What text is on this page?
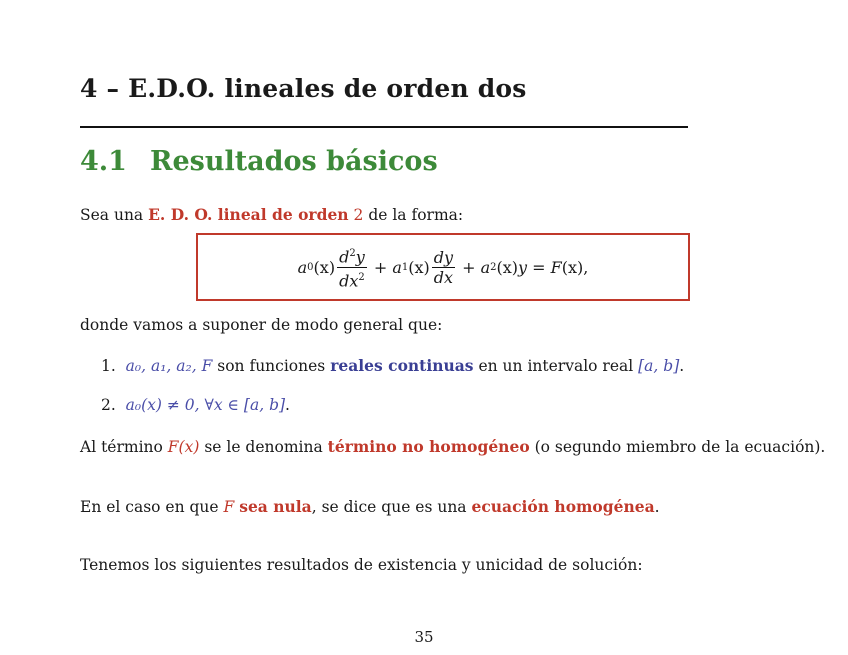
4 – E.D.O. lineales de orden dos
4.1 Resultados básicos
Sea una E. D. O. lineal de orden 2 de la forma:
a 0 $(x) \frac{d^2y}{dx^2} + a$ 1 $(x) \frac{dy}{dx} + a$ 2 (x) y = F (x),
donde vamos a suponer de modo general que:
1. a₀, a₁, a₂, F son funciones reales continuas en un intervalo real [a, b].
2. a₀(x) ≠ 0, ∀x ∈ [a, b].
Al término F(x) se le denomina término no homogéneo (o segundo miembro de la ecuación).
En el caso en que F sea nula, se dice que es una ecuación homogénea.
Tenemos los siguientes resultados de existencia y unicidad de solución:
35
